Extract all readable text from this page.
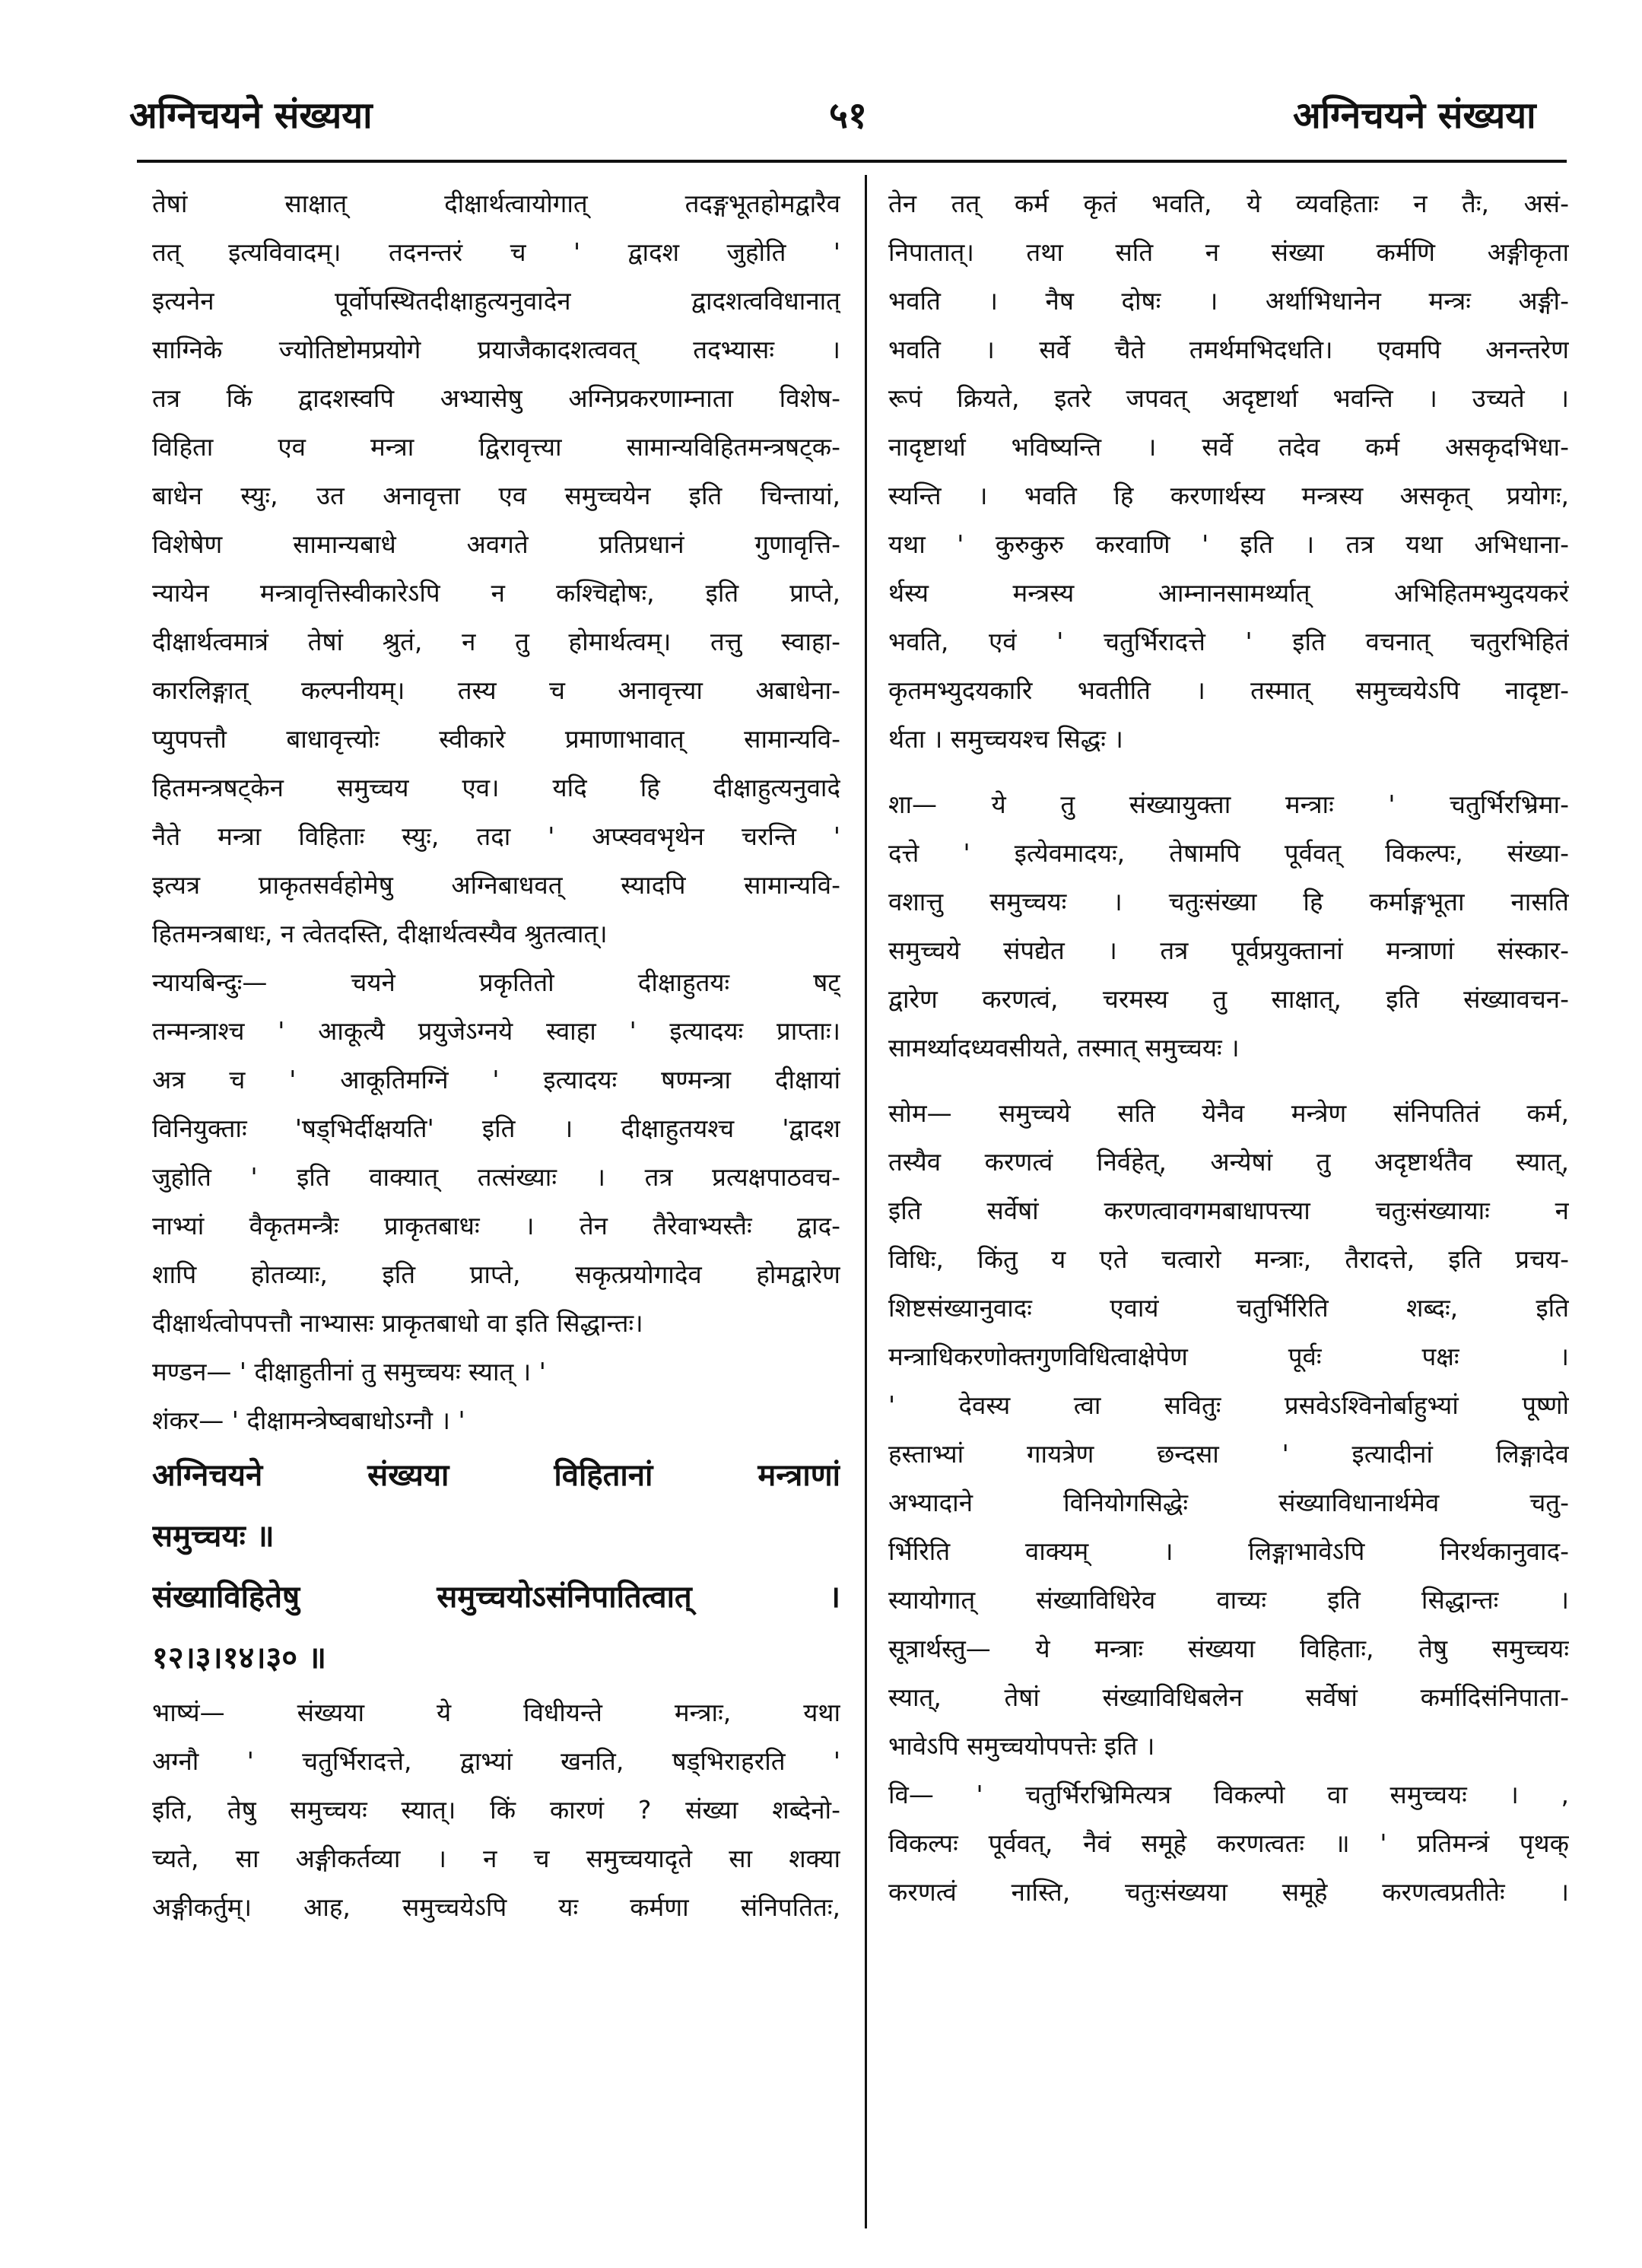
अग्निचयने संख्यया	५१	अग्निचयने संख्यया
तेषां साक्षात् दीक्षार्थत्वायोगात् तदङ्गभूतहोमद्वारैव
तत् इत्यविवादम्। तदनन्तरं च ' द्वादश जुहोति '
इत्यनेन पूर्वोपस्थितदीक्षाहुत्यनुवादेन द्वादशत्वविधानात्
साग्निके ज्योतिष्टोमप्रयोगे प्रयाजैकादशत्ववत् तदभ्यासः ।
तत्र किं द्वादशस्वपि अभ्यासेषु अग्निप्रकरणाम्नाता विशेष-
विहिता एव मन्त्रा द्विरावृत्त्या सामान्यविहितमन्त्रषट्क-
बाधेन स्युः, उत अनावृत्ता एव समुच्चयेन इति चिन्तायां,
विशेषेण सामान्यबाधे अवगते प्रतिप्रधानं गुणावृत्ति-
न्यायेन मन्त्रावृत्तिस्वीकारेऽपि न कश्चिद्दोषः, इति प्राप्ते,
दीक्षार्थत्वमात्रं तेषां श्रुतं, न तु होमार्थत्वम्। तत्तु स्वाहा-
कारलिङ्गात् कल्पनीयम्। तस्य च अनावृत्त्या अबाधेना-
प्युपपत्तौ बाधावृत्त्योः स्वीकारे प्रमाणाभावात् सामान्यवि-
हितमन्त्रषट्केन समुच्चय एव। यदि हि दीक्षाहुत्यनुवादे
नैते मन्त्रा विहिताः स्युः, तदा ' अप्स्ववभृथेन चरन्ति '
इत्यत्र प्राकृतसर्वहोमेषु अग्निबाधवत् स्यादपि सामान्यवि-
हितमन्त्रबाधः, न त्वेतदस्ति, दीक्षार्थत्वस्यैव श्रुतत्वात्।
न्यायबिन्दुः— चयने प्रकृतितो दीक्षाहुतयः षट्
तन्मन्त्राश्च ' आकूत्यै प्रयुजेऽग्नये स्वाहा ' इत्यादयः प्राप्ताः।
अत्र च ' आकूतिमग्निं ' इत्यादयः षण्मन्त्रा दीक्षायां
विनियुक्ताः 'षड्भिर्दीक्षयति' इति । दीक्षाहुतयश्च 'द्वादश
जुहोति ' इति वाक्यात् तत्संख्याः । तत्र प्रत्यक्षपाठवच-
नाभ्यां वैकृतमन्त्रैः प्राकृतबाधः । तेन तैरेवाभ्यस्तैः द्वाद-
शापि होतव्याः, इति प्राप्ते, सकृत्प्रयोगादेव होमद्वारेण
दीक्षार्थत्वोपपत्तौ नाभ्यासः प्राकृतबाधो वा इति सिद्धान्तः।
मण्डन— ' दीक्षाहुतीनां तु समुच्चयः स्यात् । '
शंकर— ' दीक्षामन्त्रेष्वबाधोऽग्नौ । '
अग्निचयने संख्यया विहितानां मन्त्राणां
समुच्चयः ॥
संख्याविहितेषु समुच्चयोऽसंनिपातित्वात् ।
१२।३।१४।३० ॥
भाष्यं— संख्यया ये विधीयन्ते मन्त्राः, यथा
अग्नौ ' चतुर्भिरादत्ते, द्वाभ्यां खनति, षड्भिराहरति '
इति, तेषु समुच्चयः स्यात्। किं कारणं ? संख्या शब्देनो-
च्यते, सा अङ्गीकर्तव्या । न च समुच्चयादृते सा शक्या
अङ्गीकर्तुम्। आह, समुच्चयेऽपि यः कर्मणा संनिपतितः,
तेन तत् कर्म कृतं भवति, ये व्यवहिताः न तैः, असं-
निपातात्। तथा सति न संख्या कर्मणि अङ्गीकृता
भवति । नैष दोषः । अर्थाभिधानेन मन्त्रः अङ्गी-
भवति । सर्वे चैते तमर्थमभिदधति। एवमपि अनन्तरेण
रूपं क्रियते, इतरे जपवत् अदृष्टार्था भवन्ति । उच्यते ।
नादृष्टार्था भविष्यन्ति । सर्वे तदेव कर्म असकृदभिधा-
स्यन्ति । भवति हि करणार्थस्य मन्त्रस्य असकृत् प्रयोगः,
यथा ' कुरुकुरु करवाणि ' इति । तत्र यथा अभिधाना-
र्थस्य मन्त्रस्य आम्नानसामर्थ्यात् अभिहितमभ्युदयकरं
भवति, एवं ' चतुर्भिरादत्ते ' इति वचनात् चतुरभिहितं
कृतमभ्युदयकारि भवतीति । तस्मात् समुच्चयेऽपि नादृष्टा-
र्थता । समुच्चयश्च सिद्धः ।
शा— ये तु संख्यायुक्ता मन्त्राः ' चतुर्भिरभ्रिमा-
दत्ते ' इत्येवमादयः, तेषामपि पूर्ववत् विकल्पः, संख्या-
वशात्तु समुच्चयः । चतुःसंख्या हि कर्माङ्गभूता नासति
समुच्चये संपद्येत । तत्र पूर्वप्रयुक्तानां मन्त्राणां संस्कार-
द्वारेण करणत्वं, चरमस्य तु साक्षात्, इति संख्यावचन-
सामर्थ्यादध्यवसीयते, तस्मात् समुच्चयः ।
सोम— समुच्चये सति येनैव मन्त्रेण संनिपतितं कर्म,
तस्यैव करणत्वं निर्वहेत्, अन्येषां तु अदृष्टार्थतैव स्यात्,
इति सर्वेषां करणत्वावगमबाधापत्त्या चतुःसंख्यायाः न
विधिः, किंतु य एते चत्वारो मन्त्राः, तैरादत्ते, इति प्रचय-
शिष्टसंख्यानुवादः एवायं चतुर्भिरिति शब्दः, इति
मन्त्राधिकरणोक्तगुणविधित्वाक्षेपेण पूर्वः पक्षः ।
' देवस्य त्वा सवितुः प्रसवेऽश्विनोर्बाहुभ्यां पूष्णो
हस्ताभ्यां गायत्रेण छन्दसा ' इत्यादीनां लिङ्गादेव
अभ्यादाने विनियोगसिद्धेः संख्याविधानार्थमेव चतु-
र्भिरिति वाक्यम् । लिङ्गाभावेऽपि निरर्थकानुवाद-
स्यायोगात् संख्याविधिरेव वाच्यः इति सिद्धान्तः ।
सूत्रार्थस्तु— ये मन्त्राः संख्यया विहिताः, तेषु समुच्चयः
स्यात्, तेषां संख्याविधिबलेन सर्वेषां कर्मादिसंनिपाता-
भावेऽपि समुच्चयोपपत्तेः इति ।
वि— ' चतुर्भिरभ्रिमित्यत्र विकल्पो वा समुच्चयः । ,
विकल्पः पूर्ववत्, नैवं समूहे करणत्वतः ॥ ' प्रतिमन्त्रं पृथक्
करणत्वं नास्ति, चतुःसंख्यया समूहे करणत्वप्रतीतेः ।
